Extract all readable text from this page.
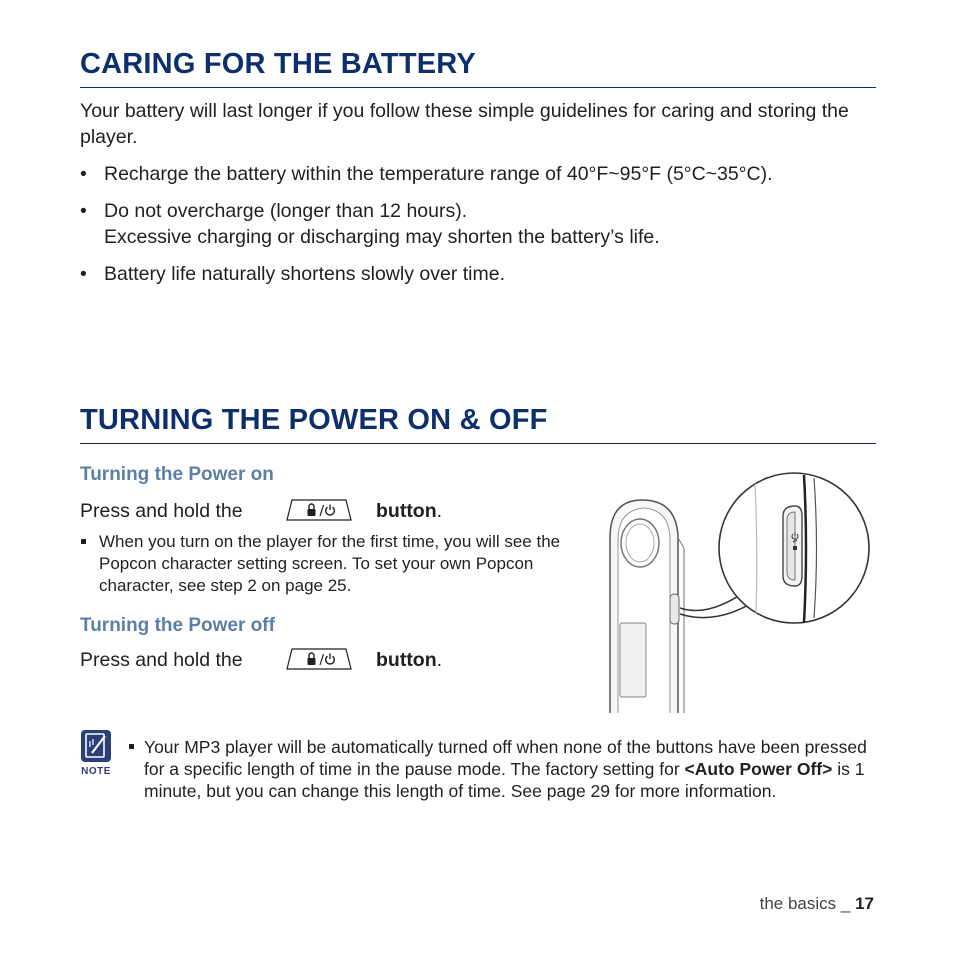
CARING FOR THE BATTERY

Your battery will last longer if you follow these simple guidelines for caring and storing the player.

• Recharge the battery within the temperature range of 40°F~95°F (5°C~35°C).

• Do not overcharge (longer than 12 hours).

Excessive charging or discharging may shorten the battery’s life.

• Battery life naturally shortens slowly over time.

TURNING THE POWER ON & OFF
Turning the Power on

Press and hold the	button.

When you turn on the player for the first time, you will see the Popcon character setting screen. To set your own Popcon character, see step 2 on page 25.

Turning the Power off

Press and hold the	button.

NOTE

Your MP3 player will be automatically turned off when none of the buttons have been pressed for a specific length of time in the pause mode. The factory setting for <Auto Power Off> is 1 minute, but you can change this length of time. See page 29 for more information.

the basics _ 17
